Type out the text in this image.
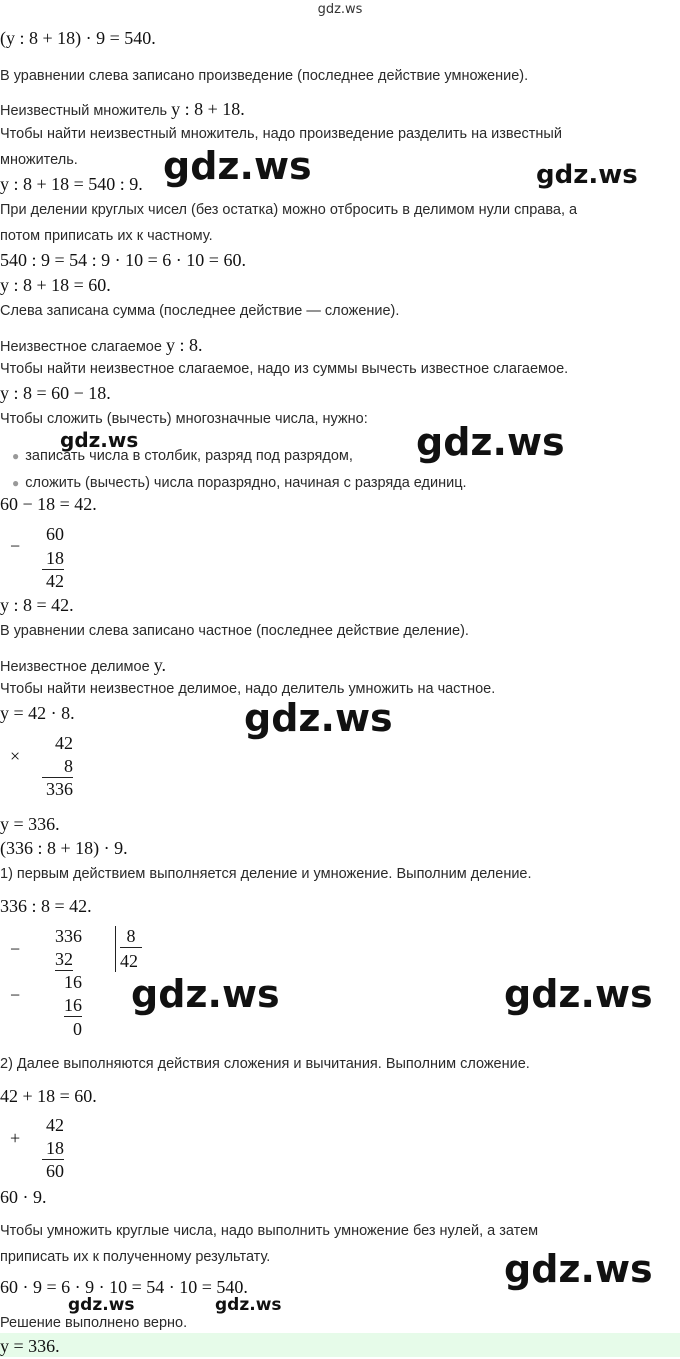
gdz.ws
(y : 8 + 18) · 9 = 540.
В уравнении слева записано произведение (последнее действие умножение).
Неизвестный множитель y : 8 + 18.
Чтобы найти неизвестный множитель, надо произведение разделить на известный
множитель.
y : 8 + 18 = 540 : 9.
При делении круглых чисел (без остатка) можно отбросить в делимом нули справа, а
потом приписать их к частному.
540 : 9 = 54 : 9 · 10 = 6 · 10 = 60.
y : 8 + 18 = 60.
Слева записана сумма (последнее действие — сложение).
Неизвестное слагаемое y : 8.
Чтобы найти неизвестное слагаемое, надо из суммы вычесть известное слагаемое.
y : 8 = 60 − 18.
Чтобы сложить (вычесть) многозначные числа, нужно:
● записать числа в столбик, разряд под разрядом,
● сложить (вычесть) числа поразрядно, начиная с разряда единиц.
60 − 18 = 42.
−
60
18
42
y : 8 = 42.
В уравнении слева записано частное (последнее действие деление).
Неизвестное делимое y.
Чтобы найти неизвестное делимое, надо делитель умножить на частное.
y = 42 · 8.
×
42
8
336
y = 336.
(336 : 8 + 18) · 9.
1) первым действием выполняется деление и умножение. Выполним деление.
336 : 8 = 42.
−
336
32
−
16
16
0
8
42
2) Далее выполняются действия сложения и вычитания. Выполним сложение.
42 + 18 = 60.
+
42
18
60
60 · 9.
Чтобы умножить круглые числа, надо выполнить умножение без нулей, а затем
приписать их к полученному результату.
60 · 9 = 6 · 9 · 10 = 54 · 10 = 540.
Решение выполнено верно.
y = 336.
gdz.ws	gdz.ws
gdz.ws	gdz.ws
gdz.ws
gdz.ws	gdz.ws
gdz.ws
gdz.ws	gdz.ws
